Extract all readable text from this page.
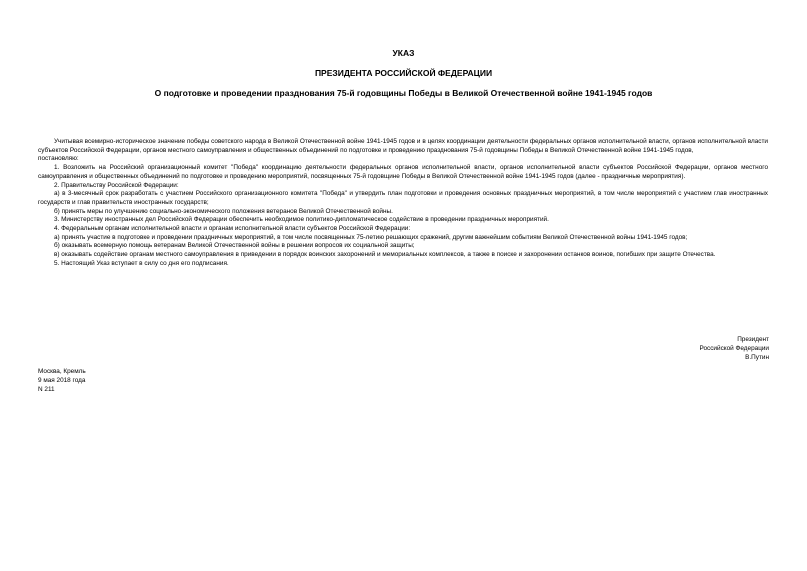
УКАЗ
ПРЕЗИДЕНТА РОССИЙСКОЙ ФЕДЕРАЦИИ
О подготовке и проведении празднования 75-й годовщины Победы в Великой Отечественной войне 1941-1945 годов

Учитывая всемирно-историческое значение победы советского народа в Великой Отечественной войне 1941-1945 годов и в целях координации деятельности федеральных органов исполнительной власти, органов исполнительной власти субъектов Российской Федерации, органов местного самоуправления и общественных объединений по подготовке и проведению празднования 75-й годовщины Победы в Великой Отечественной войне 1941-1945 годов,

постановляю:

1. Возложить на Российский организационный комитет "Победа" координацию деятельности федеральных органов исполнительной власти, органов исполнительной власти субъектов Российской Федерации, органов местного самоуправления и общественных объединений по подготовке и проведению мероприятий, посвященных 75-й годовщине Победы в Великой Отечественной войне 1941-1945 годов (далее - праздничные мероприятия).

2. Правительству Российской Федерации:

а) в 3-месячный срок разработать с участием Российского организационного комитета "Победа" и утвердить план подготовки и проведения основных праздничных мероприятий, в том числе мероприятий с участием глав иностранных государств и глав правительств иностранных государств;

б) принять меры по улучшению социально-экономического положения ветеранов Великой Отечественной войны.

3. Министерству иностранных дел Российской Федерации обеспечить необходимое политико-дипломатическое содействие в проведении праздничных мероприятий.

4. Федеральным органам исполнительной власти и органам исполнительной власти субъектов Российской Федерации:

а) принять участие в подготовке и проведении праздничных мероприятий, в том числе посвященных 75-летию решающих сражений, другим важнейшим событиям Великой Отечественной войны 1941-1945 годов;

б) оказывать всемерную помощь ветеранам Великой Отечественной войны в решении вопросов их социальной защиты;

в) оказывать содействие органам местного самоуправления в приведении в порядок воинских захоронений и мемориальных комплексов, а также в поиске и захоронении останков воинов, погибших при защите Отечества.

5. Настоящий Указ вступает в силу со дня его подписания.

Президент
Российской Федерации
В.Путин
Москва, Кремль
9 мая 2018 года
N 211
